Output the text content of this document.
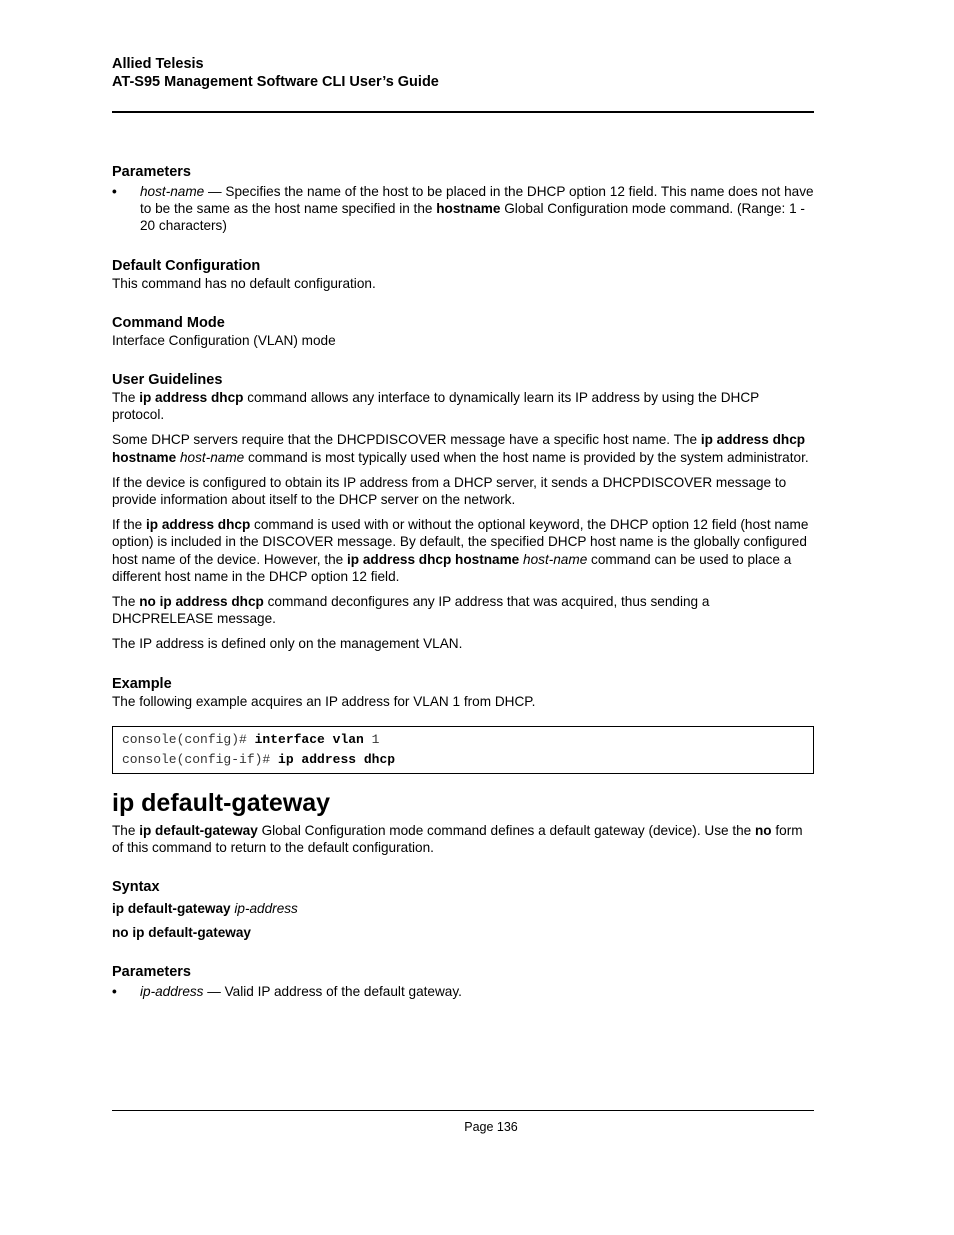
Allied Telesis
AT-S95 Management Software CLI User’s Guide
Parameters
•	host-name — Specifies the name of the host to be placed in the DHCP option 12 field. This name does not have to be the same as the host name specified in the hostname Global Configuration mode command. (Range: 1 - 20 characters)
Default Configuration

This command has no default configuration.

Command Mode

Interface Configuration (VLAN) mode

User Guidelines

The ip address dhcp command allows any interface to dynamically learn its IP address by using the DHCP protocol.

Some DHCP servers require that the DHCPDISCOVER message have a specific host name. The ip address dhcp hostname host-name command is most typically used when the host name is provided by the system administrator.

If the device is configured to obtain its IP address from a DHCP server, it sends a DHCPDISCOVER message to provide information about itself to the DHCP server on the network.

If the ip address dhcp command is used with or without the optional keyword, the DHCP option 12 field (host name option) is included in the DISCOVER message. By default, the specified DHCP host name is the globally configured host name of the device. However, the ip address dhcp hostname host-name command can be used to place a different host name in the DHCP option 12 field.

The no ip address dhcp command deconfigures any IP address that was acquired, thus sending a DHCPRELEASE message.

The IP address is defined only on the management VLAN.

Example

The following example acquires an IP address for VLAN 1 from DHCP.

console(config)# interface vlan 1
console(config-if)# ip address dhcp
ip default-gateway

The ip default-gateway Global Configuration mode command defines a default gateway (device). Use the no form of this command to return to the default configuration.

Syntax

ip default-gateway ip-address

no ip default-gateway

Parameters
•	ip-address — Valid IP address of the default gateway.
Page 136
